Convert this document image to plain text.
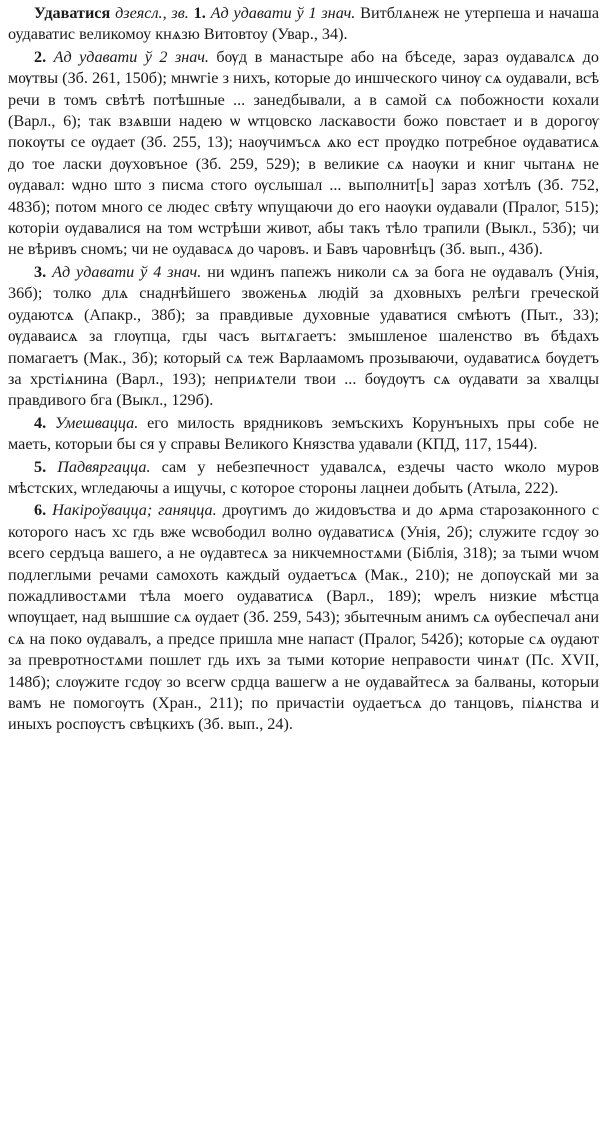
Удаватися дзеясл., зв. 1. Ад удавати ў 1 знач. Витблѧнеж не утерпеша и начаша оудаватис великомоу кнѧзю Витовтоу (Увар., 34).

2. Ад удавати ў 2 знач. бѹд в манастыре або на бѣседе, зараз ѹдавалсѧ до мѹтвы (Зб. 261, 150б); мнѡгіе з нихъ, которые до иншческого чинѹ сѧ оудавали, всѣ речи в томъ свѣтѣ потѣшные ... занедбывали, а в самой сѧ побожности кохали (Варл., 6); так взѧвши надею ѡ ѡтцовско ласкавости божо повстает и в дорогѹ покѹты се ѹдает (Зб. 255, 13); наѹчимъсѧ ѧко ест прѹдко потребное ѹдаватисѧ до тое ласки дѹховъное (Зб. 259, 529); в великие сѧ наѹки и книг чытанѧ не ѹдавал: ѡдно што з писма стого ѹслышал ... выполнит[ь] зараз хотѣлъ (Зб. 752, 483б); потом много се людес свѣту ѡпущаючи до его наѹки ѹдавали (Пралог, 515); которіи ѹдавалися на том ѡстрѣши живот, абы такъ тѣло трапили (Выкл., 53б); чи не вѣривъ сномъ; чи не оудавасѧ до чаровъ. и Бавъ чаровнѣцъ (Зб. вып., 43б).

3. Ад удавати ў 4 знач. ни ѡдинъ папежъ николи сѧ за бога не ѹдавалъ (Унія, 36б); толко длѧ снаднѣйшего звоженьѧ людій за дховныхъ релѣги греческой оудаютсѧ (Апакр., 38б); за правдивые духовные удаватися смѣютъ (Пыт., 33); ѹдаваисѧ за глѹпца, гды часъ вытѧгаетъ: змышленое шаленство въ бѣдахъ помагаетъ (Мак., 3б); который сѧ теж Варлаамомъ прозываючи, оудаватисѧ бѹдетъ за хрстіѧнина (Варл., 193); неприѧтели твои ... бѹдѹтъ сѧ ѹдавати за хвалцы правдивого бга (Выкл., 129б).

4. Умешвацца. его милость врядниковъ земъскихъ Корунъныхъ пры собе не маеть, которыи бы ся у справы Великого Князства удавали (КПД, 117, 1544).

5. Падвяргацца. сам у небезпечност удавалсѧ, ездечы часто ѡколо муров мѣстских, ѡгледаючы а ищучы, с которое стороны лацнеи добыть (Атыла, 222).

6. Накіроўвацца; ганяцца. дрѹгимъ до жидовъства и до ѧрма старозаконного с которого насъ хс гдь вже ѡсвободил волно ѹдаватисѧ (Унія, 2б); служите гсдѹ зо всего сердъца вашего, а не ѹдавтесѧ за никчемностѧми (Біблія, 318); за тыми ѡчом подлеглыми речами самохоть каждый оудаетъсѧ (Мак., 210); не допѹскай ми за пожадливостѧми тѣла моего оудаватисѧ (Варл., 189); ѡрелъ низкие мѣстца ѡпѹщает, над вышшие сѧ ѹдает (Зб. 259, 543); збытечным анимъ сѧ ѹбеспечал ани сѧ на поко ѹдавалъ, а предсе пришла мне напаст (Пралог, 542б); которые сѧ ѹдают за превротностѧми пошлет гдь ихъ за тыми которие неправости чинѧт (Пс. XVII, 148б); слѹжите гсдѹ зо всегѡ срдца вашегѡ а не ѹдавайтесѧ за балваны, которыи вамъ не помогѹтъ (Хран., 211); по причастіи оудаетъсѧ до танцовъ, піѧнства и иныхъ роспѹстъ свѣцкихъ (Зб. вып., 24).
